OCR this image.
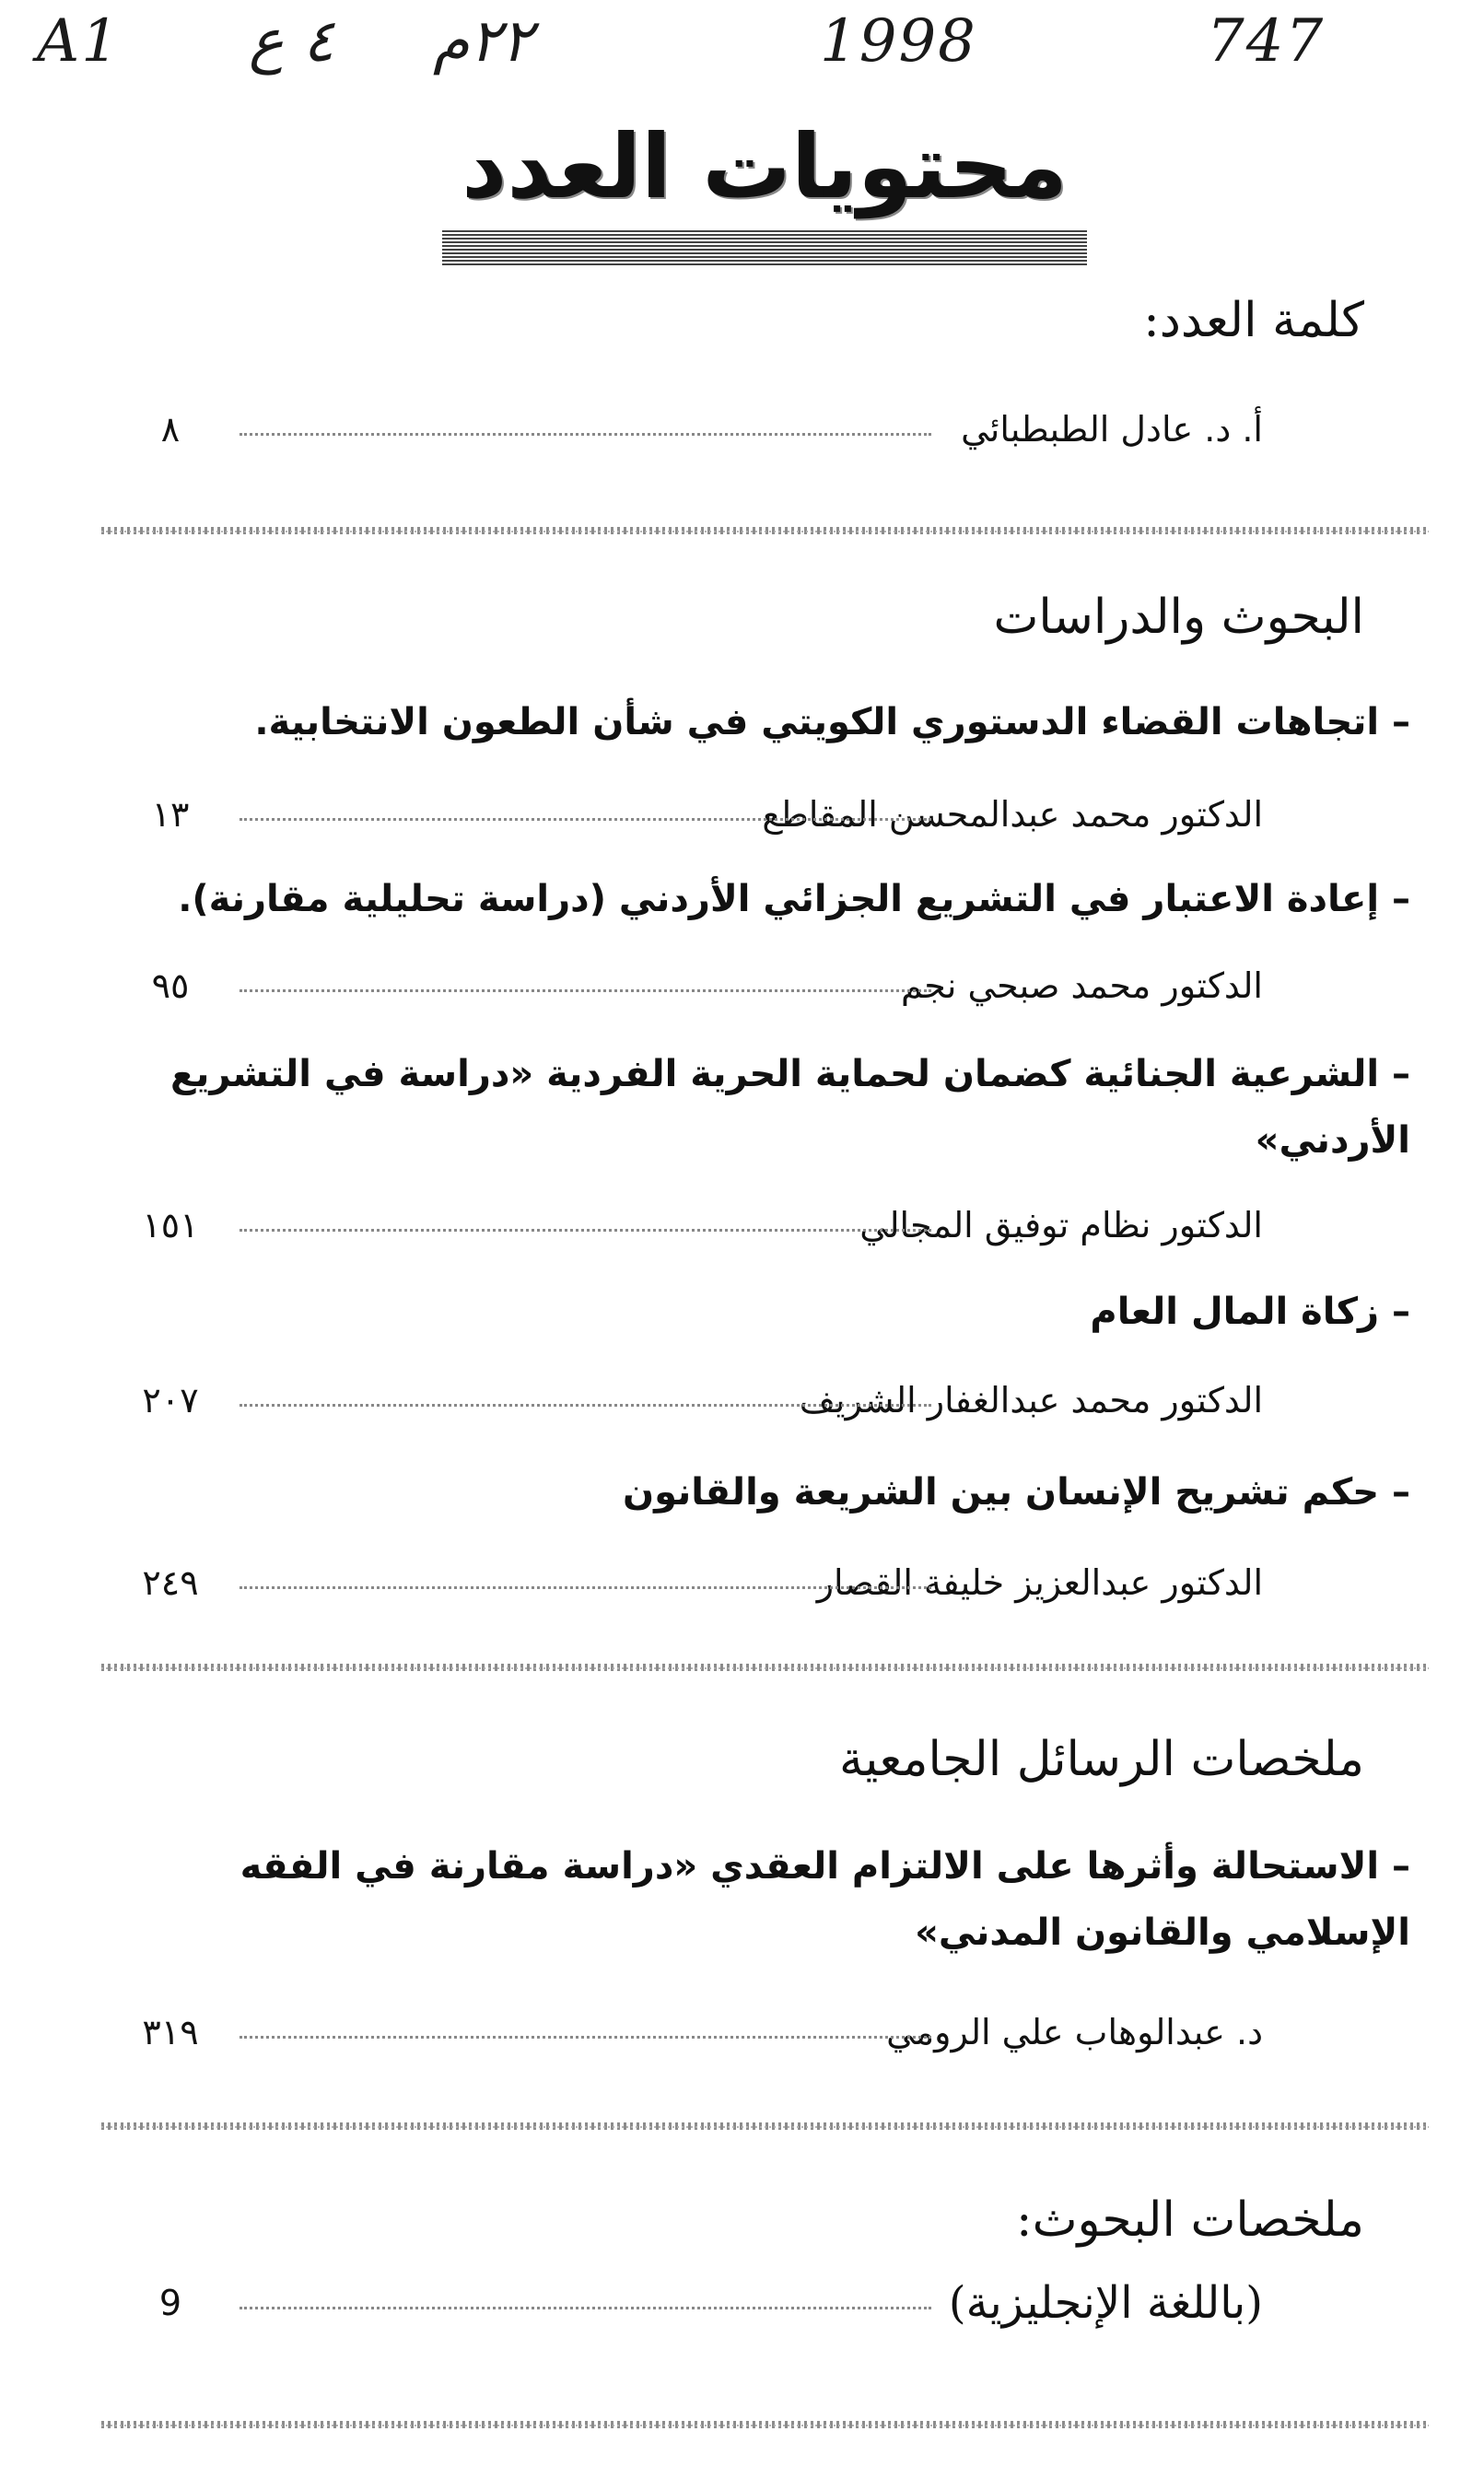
A1 ٤ ع ٢٢م	1998	747
محتويات العدد
كلمة العدد:
أ. د. عادل الطبطبائي
٨
البحوث والدراسات
– اتجاهات القضاء الدستوري الكويتي في شأن الطعون الانتخابية.
الدكتور محمد عبدالمحسن المقاطع
١٣
– إعادة الاعتبار في التشريع الجزائي الأردني (دراسة تحليلية مقارنة).
الدكتور محمد صبحي نجم
٩٥
– الشرعية الجنائية كضمان لحماية الحرية الفردية «دراسة في التشريع الأردني»
الدكتور نظام توفيق المجالي
١٥١
– زكاة المال العام
الدكتور محمد عبدالغفار الشريف
٢٠٧
– حكم تشريح الإنسان بين الشريعة والقانون
الدكتور عبدالعزيز خليفة القصار
٢٤٩
ملخصات الرسائل الجامعية
– الاستحالة وأثرها على الالتزام العقدي «دراسة مقارنة في الفقه الإسلامي والقانون المدني»
د. عبدالوهاب علي الرومي
٣١٩
ملخصات البحوث:
(باللغة الإنجليزية)
9
